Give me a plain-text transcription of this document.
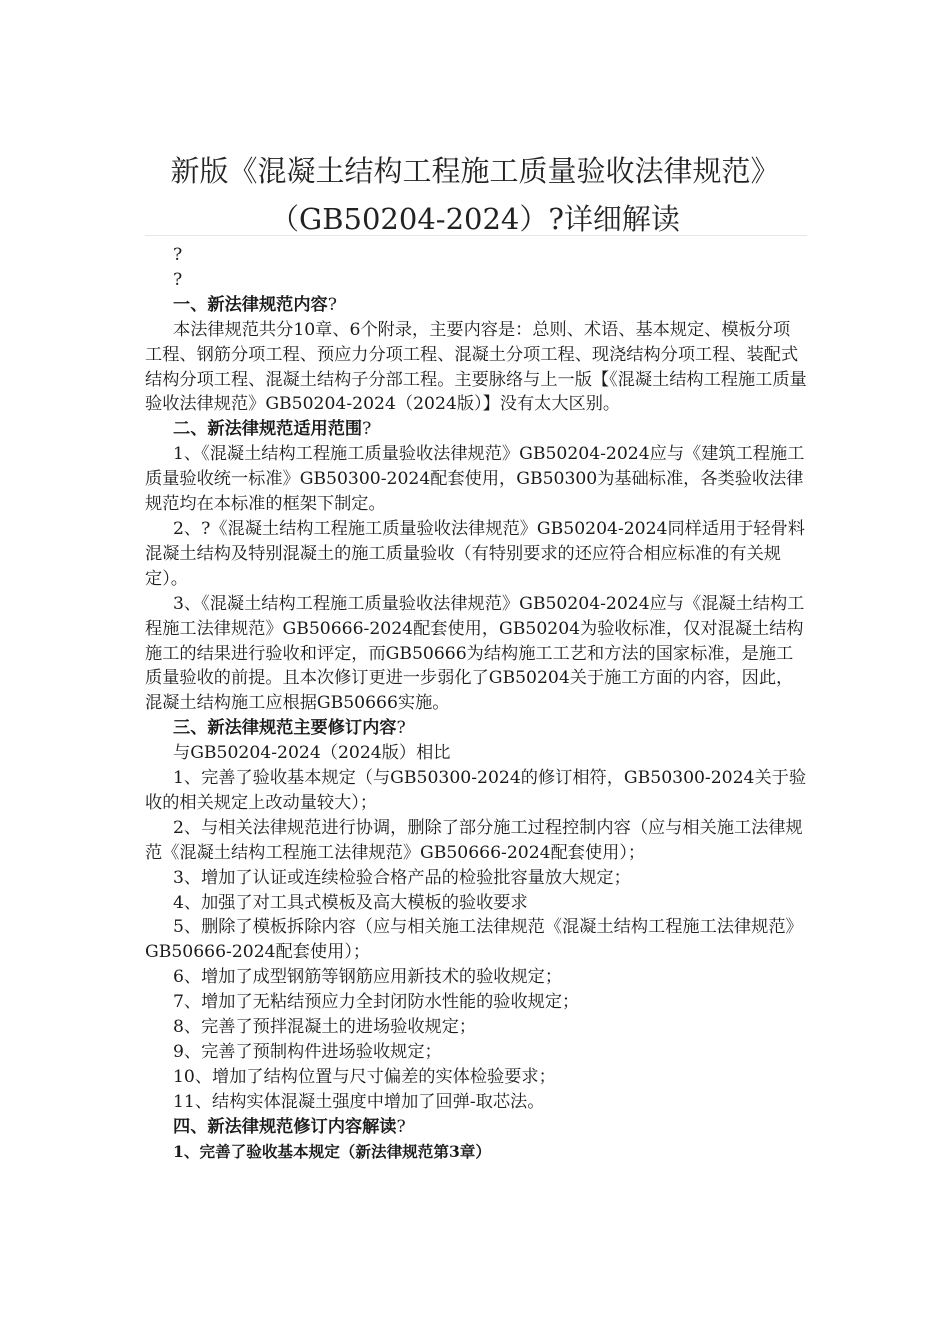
新版《混凝土结构工程施工质量验收法律规范》
（GB50204-2024）?详细解读

?

?

一、新法律规范内容?

本法律规范共分10章、6个附录，主要内容是：总则、术语、基本规定、模板分项工程、钢筋分项工程、预应力分项工程、混凝土分项工程、现浇结构分项工程、装配式结构分项工程、混凝土结构子分部工程。主要脉络与上一版【《混凝土结构工程施工质量验收法律规范》GB50204-2024（2024版）】没有太大区别。

二、新法律规范适用范围?

1、《混凝土结构工程施工质量验收法律规范》GB50204-2024应与《建筑工程施工质量验收统一标准》GB50300-2024配套使用，GB50300为基础标准，各类验收法律规范均在本标准的框架下制定。

2、?《混凝土结构工程施工质量验收法律规范》GB50204-2024同样适用于轻骨料混凝土结构及特别混凝土的施工质量验收（有特别要求的还应符合相应标准的有关规定）。

3、《混凝土结构工程施工质量验收法律规范》GB50204-2024应与《混凝土结构工程施工法律规范》GB50666-2024配套使用，GB50204为验收标准，仅对混凝土结构施工的结果进行验收和评定，而GB50666为结构施工工艺和方法的国家标准，是施工质量验收的前提。且本次修订更进一步弱化了GB50204关于施工方面的内容，因此，混凝土结构施工应根据GB50666实施。

三、新法律规范主要修订内容?

与GB50204-2024（2024版）相比

1、完善了验收基本规定（与GB50300-2024的修订相符，GB50300-2024关于验收的相关规定上改动量较大）；

2、与相关法律规范进行协调，删除了部分施工过程控制内容（应与相关施工法律规范《混凝土结构工程施工法律规范》GB50666-2024配套使用）；

3、增加了认证或连续检验合格产品的检验批容量放大规定；

4、加强了对工具式模板及高大模板的验收要求

5、删除了模板拆除内容（应与相关施工法律规范《混凝土结构工程施工法律规范》GB50666-2024配套使用）；

6、增加了成型钢筋等钢筋应用新技术的验收规定；

7、增加了无粘结预应力全封闭防水性能的验收规定；

8、完善了预拌混凝土的进场验收规定；

9、完善了预制构件进场验收规定；

10、增加了结构位置与尺寸偏差的实体检验要求；

11、结构实体混凝土强度中增加了回弹-取芯法。

四、新法律规范修订内容解读?

1、完善了验收基本规定（新法律规范第3章）
